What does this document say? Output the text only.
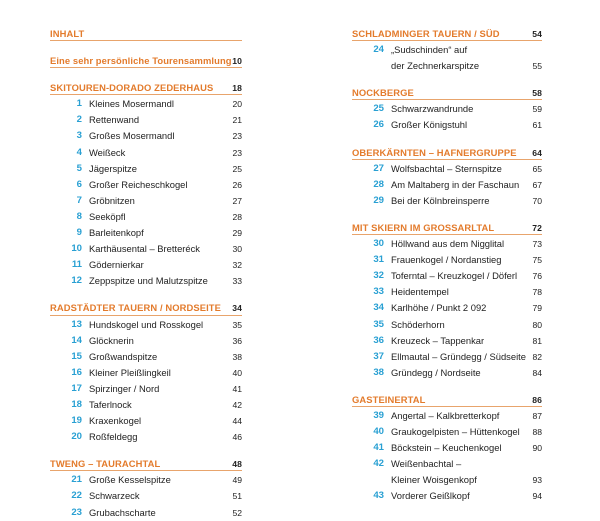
INHALT
Eine sehr persönliche Tourensammlung 10
SKITOUREN-DORADO ZEDERHAUS 18
1 Kleines Mosermandl	20
2 Rettenwand	21
3 Großes Mosermandl	23
4 Weißeck	23
5 Jägerspitze	25
6 Großer Reicheschkogel	26
7 Gröbnitzen	27
8 Seeköpfl	28
9 Barleitenkopf	29
10 Karthäusental – Bretteréck	30
11 Gödernierkar	32
12 Zeppspitze und Malutzspitze	33
RADSTÄDTER TAUERN / NORDSEITE 34
13 Hundskogel und Rosskogel	35
14 Glöcknerin	36
15 Großwandspitze	38
16 Kleiner Pleißlingkeil	40
17 Spirzinger / Nord	41
18 Taferlnock	42
19 Kraxenkogel	44
20 Roßfeldegg	46
TWENG – TAURACHTAL	48
21 Große Kesselspitze	49
22 Schwarzeck	51
23 Grubachscharte	52
SCHLADMINGER TAUERN / SÜD	54
24 „Sudschinden“ auf
der Zechnerkarspitze	55
NOCKBERGE	58
25 Schwarzwandrunde	59
26 Großer Königstuhl	61
OBERKÄRNTEN – HAFNERGRUPPE 64
27 Wolfsbachtal – Sternspitze	65
28 Am Maltaberg in der Faschaun 67
29 Bei der Kölnbreinsperre	70
MIT SKIERN IM GROSSARLTAL	72
30 Höllwand aus dem Nigglital	73
31 Frauenkogel / Nordanstieg	75
32 Toferntal – Kreuzkogel / Döferl 76
33 Heidentempel	78
34 Karlhöhe / Punkt 2 092	79
35 Schöderhorn	80
36 Kreuzeck – Tappenkar	81
37 Ellmautal – Gründegg / Südseite 82
38 Gründegg / Nordseite	84
GASTEINERTAL	86
39 Angertal – Kalkbretterkopf	87
40 Graukogelpisten – Hüttenkogel 88
41 Böckstein – Keuchenkogel	90
42 Weißenbachtal –
Kleiner Woisgenkopf	93
43 Vorderer Geißlkopf	94
